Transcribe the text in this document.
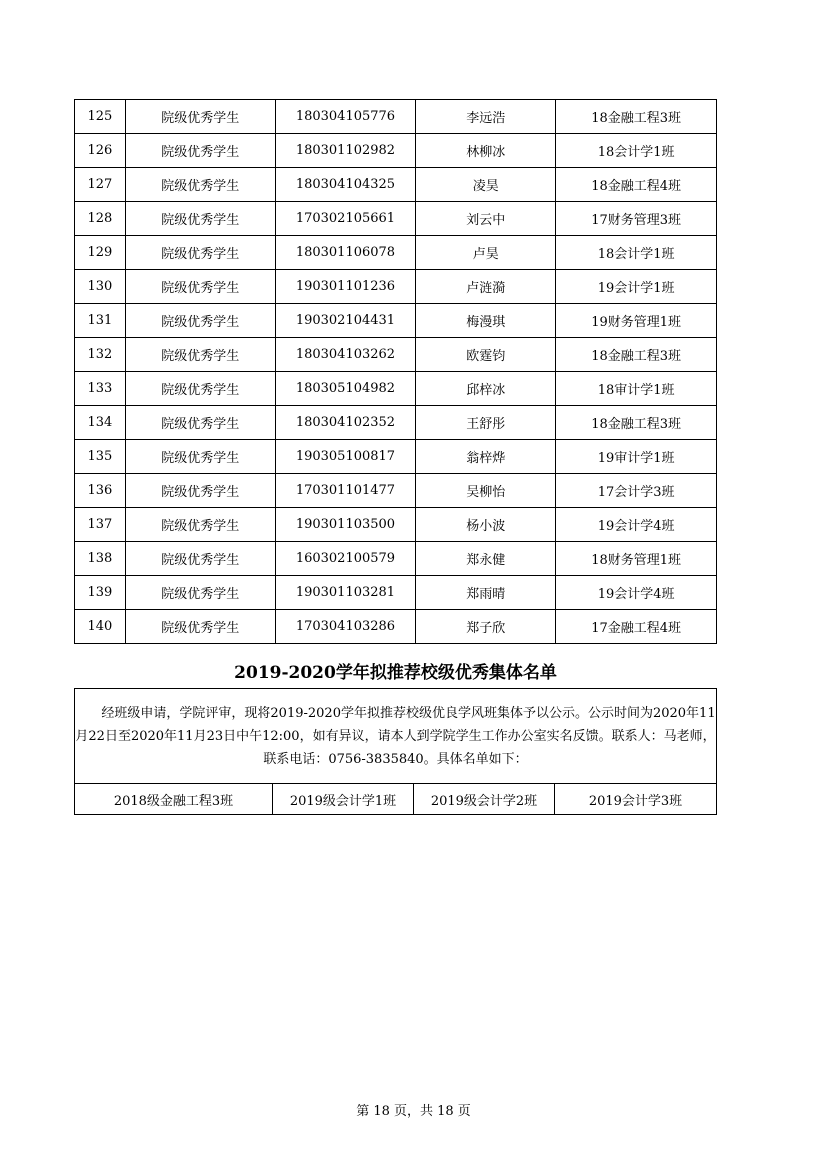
125	院级优秀学生	180304105776	李远浩	18金融工程3班
126	院级优秀学生	180301102982	林柳冰	18会计学1班
127	院级优秀学生	180304104325	凌昊	18金融工程4班
128	院级优秀学生	170302105661	刘云中	17财务管理3班
129	院级优秀学生	180301106078	卢昊	18会计学1班
130	院级优秀学生	190301101236	卢涟漪	19会计学1班
131	院级优秀学生	190302104431	梅漫琪	19财务管理1班
132	院级优秀学生	180304103262	欧霆钧	18金融工程3班
133	院级优秀学生	180305104982	邱梓冰	18审计学1班
134	院级优秀学生	180304102352	王舒彤	18金融工程3班
135	院级优秀学生	190305100817	翁梓烨	19审计学1班
136	院级优秀学生	170301101477	吴柳怡	17会计学3班
137	院级优秀学生	190301103500	杨小波	19会计学4班
138	院级优秀学生	160302100579	郑永健	18财务管理1班
139	院级优秀学生	190301103281	郑雨晴	19会计学4班
140	院级优秀学生	170304103286	郑子欣	17金融工程4班
2019-2020学年拟推荐校级优秀集体名单
　　经班级申请，学院评审，现将2019-2020学年拟推荐校级优良学风班集体予以公示。公示时间为2020年11月22日至2020年11月23日中午12:00，如有异议，请本人到学院学生工作办公室实名反馈。联系人：马老师，联系电话：0756-3835840。具体名单如下：
2018级金融工程3班	2019级会计学1班	2019级会计学2班	2019会计学3班
第 18 页，共 18 页
